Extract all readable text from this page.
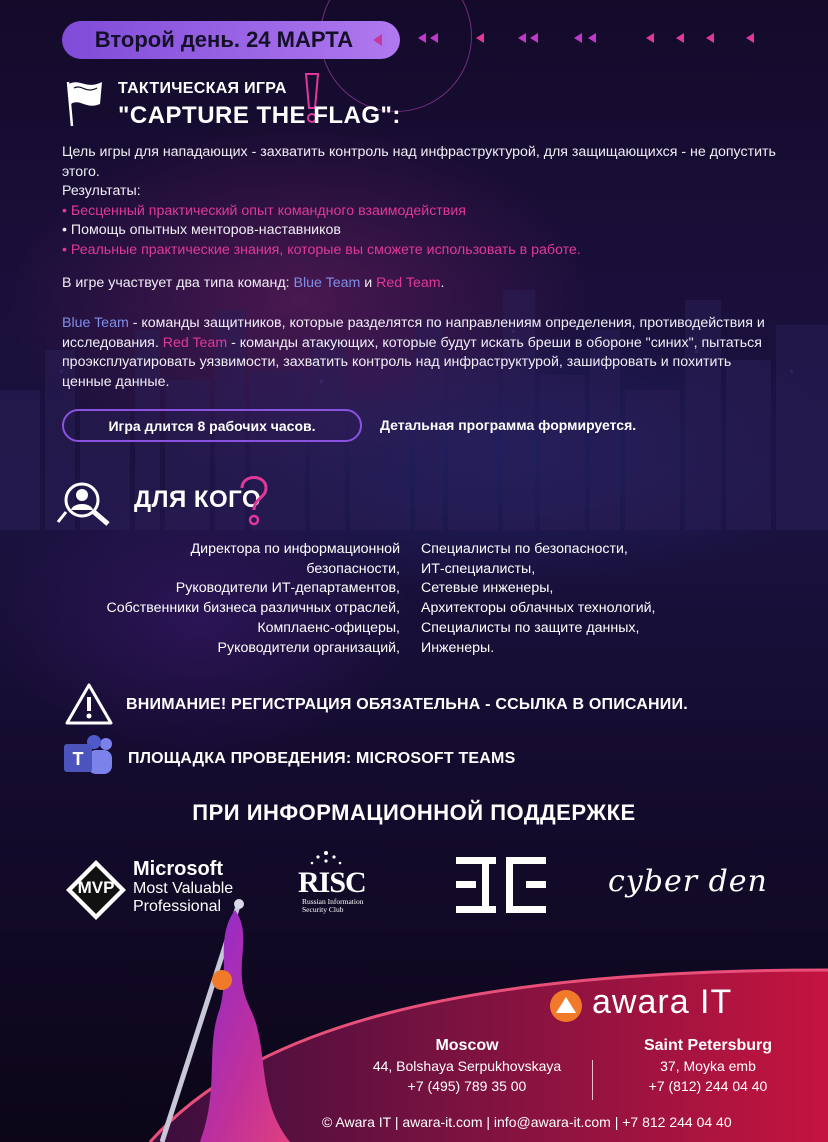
Второй день. 24 МАРТА
ТАКТИЧЕСКАЯ ИГРА
"CAPTURE THE FLAG":
Цель игры для нападающих - захватить контроль над инфраструктурой, для защищающихся - не допустить этого.
Результаты:
• Бесценный практический опыт командного взаимодействия
• Помощь опытных менторов-наставников
• Реальные практические знания, которые вы сможете использовать в работе.
В игре участвует два типа команд: Blue Team и Red Team.
Blue Team - команды защитников, которые разделятся по направлениям определения, противодействия и исследования. Red Team - команды атакующих, которые будут искать бреши в обороне "синих", пытаться проэксплуатировать уязвимости, захватить контроль над инфраструктурой, зашифровать и похитить ценные данные.
Игра длится 8 рабочих часов.	Детальная программа формируется.
ДЛЯ КОГО
Директора по информационной
безопасности,
Руководители ИТ-департаментов,
Собственники бизнеса различных отраслей,
Комплаенс-офицеры,
Руководители организаций,
Специалисты по безопасности,
ИТ-специалисты,
Сетевые инженеры,
Архитекторы облачных технологий,
Специалисты по защите данных,
Инженеры.
ВНИМАНИЕ! РЕГИСТРАЦИЯ ОБЯЗАТЕЛЬНА - ССЫЛКА В ОПИСАНИИ.
T	ПЛОЩАДКА ПРОВЕДЕНИЯ: MICROSOFT TEAMS
ПРИ ИНФОРМАЦИОННОЙ ПОДДЕРЖКЕ
MVP
Microsoft
Most Valuable
Professional
RISC
Russian Information
Security Club
cyber den
awara IT
Moscow
44, Bolshaya Serpukhovskaya
+7 (495) 789 35 00
Saint Petersburg
37, Moyka emb
+7 (812) 244 04 40
© Awara IT | awara-it.com | info@awara-it.com | +7 812 244 04 40
